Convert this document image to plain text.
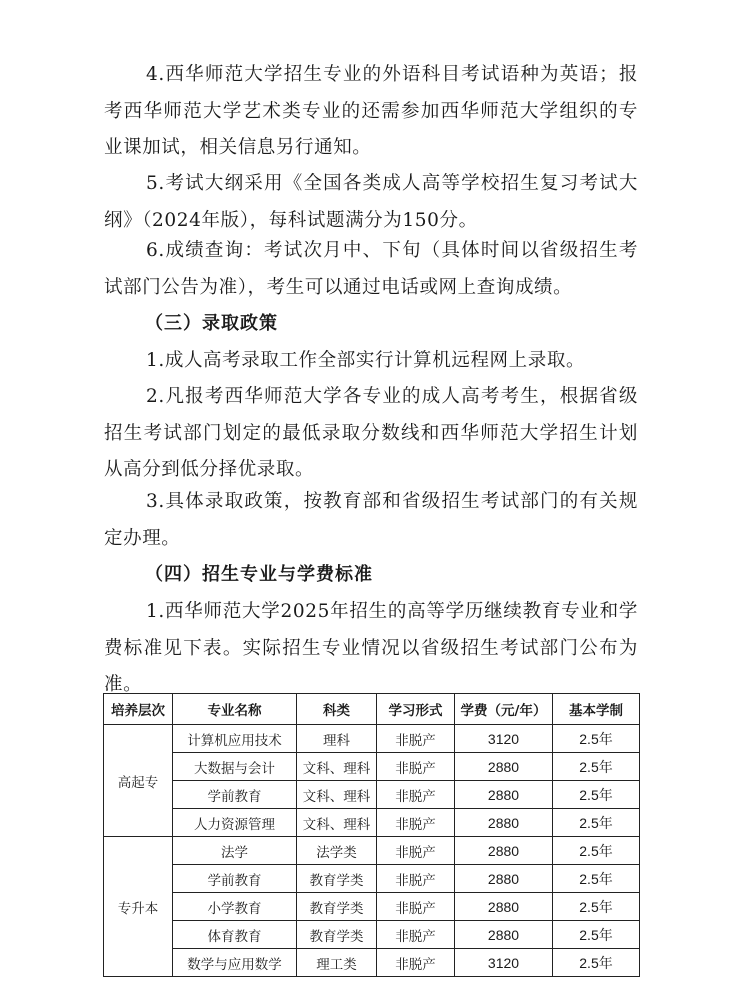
4.西华师范大学招生专业的外语科目考试语种为英语；报考西华师范大学艺术类专业的还需参加西华师范大学组织的专业课加试，相关信息另行通知。

5.考试大纲采用《全国各类成人高等学校招生复习考试大纲》（2024年版），每科试题满分为150分。

6.成绩查询：考试次月中、下旬（具体时间以省级招生考试部门公告为准），考生可以通过电话或网上查询成绩。

（三）录取政策

1.成人高考录取工作全部实行计算机远程网上录取。

2.凡报考西华师范大学各专业的成人高考考生，根据省级招生考试部门划定的最低录取分数线和西华师范大学招生计划从高分到低分择优录取。

3.具体录取政策，按教育部和省级招生考试部门的有关规定办理。

（四）招生专业与学费标准

1.西华师范大学2025年招生的高等学历继续教育专业和学费标准见下表。实际招生专业情况以省级招生考试部门公布为准。

培养层次	专业名称	科类	学习形式	学费（元/年）	基本学制
高起专	计算机应用技术	理科	非脱产	3120	2.5年
	大数据与会计	文科、理科	非脱产	2880	2.5年
	学前教育	文科、理科	非脱产	2880	2.5年
	人力资源管理	文科、理科	非脱产	2880	2.5年
专升本	法学	法学类	非脱产	2880	2.5年
	学前教育	教育学类	非脱产	2880	2.5年
	小学教育	教育学类	非脱产	2880	2.5年
	体育教育	教育学类	非脱产	2880	2.5年
	数学与应用数学	理工类	非脱产	3120	2.5年
